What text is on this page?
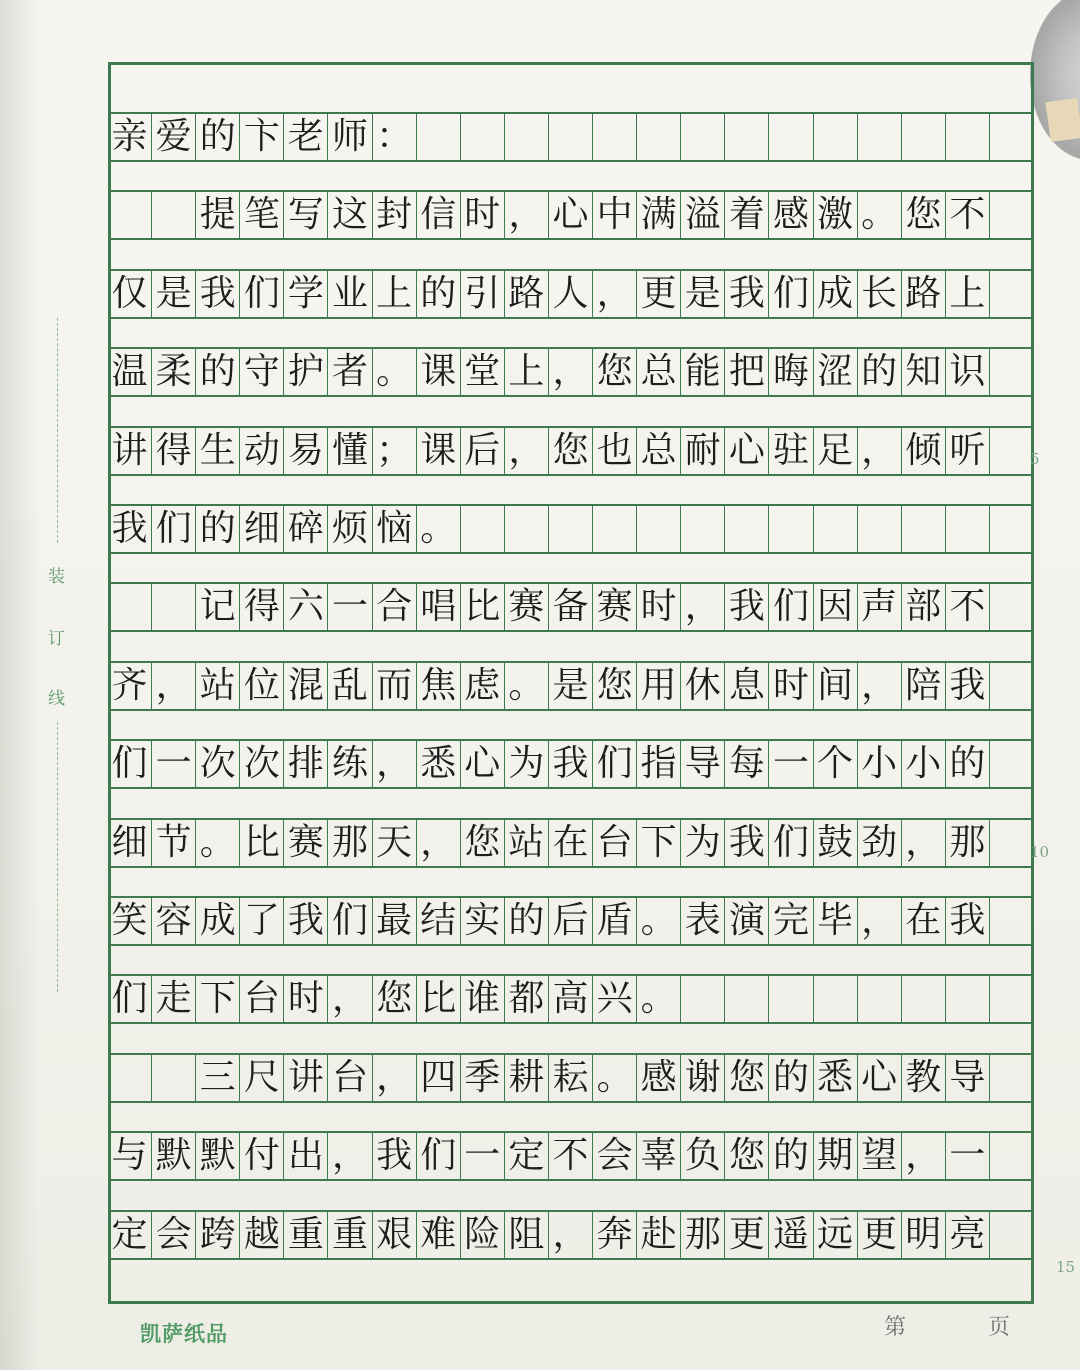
装
订
线
亲 爱 的 卞 老 师 ：
提 笔 写 这 封 信 时 ， 心 中 满 溢 着 感 激 。 您 不
仅 是 我 们 学 业 上 的 引 路 人 ， 更 是 我 们 成 长 路 上
温 柔 的 守 护 者 。 课 堂 上 ， 您 总 能 把 晦 涩 的 知 识
讲 得 生 动 易 懂 ； 课 后 ， 您 也 总 耐 心 驻 足 ， 倾 听
我 们 的 细 碎 烦 恼 。
记 得 六 一 合 唱 比 赛 备 赛 时 ， 我 们 因 声 部 不
齐 ， 站 位 混 乱 而 焦 虑 。 是 您 用 休 息 时 间 ， 陪 我
们 一 次 次 排 练 ， 悉 心 为 我 们 指 导 每 一 个 小 小 的
细 节 。 比 赛 那 天 ， 您 站 在 台 下 为 我 们 鼓 劲 ， 那
笑 容 成 了 我 们 最 结 实 的 后 盾 。 表 演 完 毕 ， 在 我
们 走 下 台 时 ， 您 比 谁 都 高 兴 。
三 尺 讲 台 ， 四 季 耕 耘 。 感 谢 您 的 悉 心 教 导
与 默 默 付 出 ， 我 们 一 定 不 会 辜 负 您 的 期 望 ， 一
定 会 跨 越 重 重 艰 难 险 阻 ， 奔 赴 那 更 遥 远 更 明 亮
5
10
15
凯萨纸品	第	页
